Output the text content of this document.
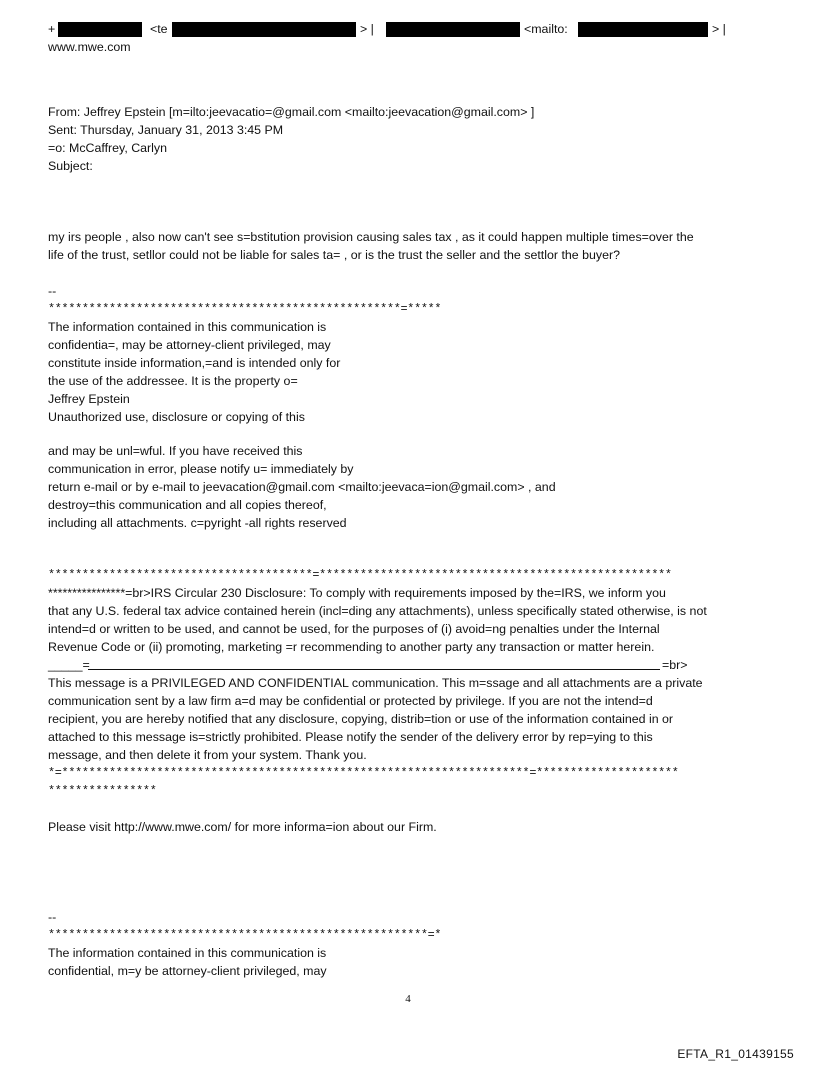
+	<te	> |	<mailto:	> |
www.mwe.com
From: Jeffrey Epstein [m=ilto:jeevacatio=@gmail.com <mailto:jeevacation@gmail.com> ]
Sent: Thursday, January 31, 2013 3:45 PM
=o: McCaffrey, Carlyn
Subject:
my irs people , also now can't see s=bstitution provision causing sales tax , as it could happen multiple times=over the
life of the trust, setllor could not be liable for sales ta= , or is the trust the seller and the settlor the buyer?
--
****************************************************=*****
The information contained in this communication is
confidentia=, may be attorney-client privileged, may
constitute inside information,=and is intended only for
the use of the addressee. It is the property o=
Jeffrey Epstein
Unauthorized use, disclosure or copying of this
and may be unl=wful. If you have received this
communication in error, please notify u= immediately by
return e-mail or by e-mail to jeevacation@gmail.com <mailto:jeevaca=ion@gmail.com> , and
destroy=this communication and all copies thereof,
including all attachments. c=pyright -all rights reserved
***************************************=****************************************************
****************=br>IRS Circular 230 Disclosure: To comply with requirements imposed by the=IRS, we inform you
that any U.S. federal tax advice contained herein (incl=ding any attachments), unless specifically stated otherwise, is not
intend=d or written to be used, and cannot be used, for the purposes of (i) avoid=ng penalties under the Internal
Revenue Code or (ii) promoting, marketing =r recommending to another party any transaction or matter herein.
_____=	=br>
This message is a PRIVILEGED AND CONFIDENTIAL communication. This m=ssage and all attachments are a private
communication sent by a law firm a=d may be confidential or protected by privilege. If you are not the intend=d
recipient, you are hereby notified that any disclosure, copying, distrib=tion or use of the information contained in or
attached to this message is=strictly prohibited. Please notify the sender of the delivery error by rep=ying to this
message, and then delete it from your system. Thank you.
*=*********************************************************************=*********************
****************
Please visit http://www.mwe.com/ for more informa=ion about our Firm.
--
********************************************************=*
The information contained in this communication is
confidential, m=y be attorney-client privileged, may
4
EFTA_R1_01439155
